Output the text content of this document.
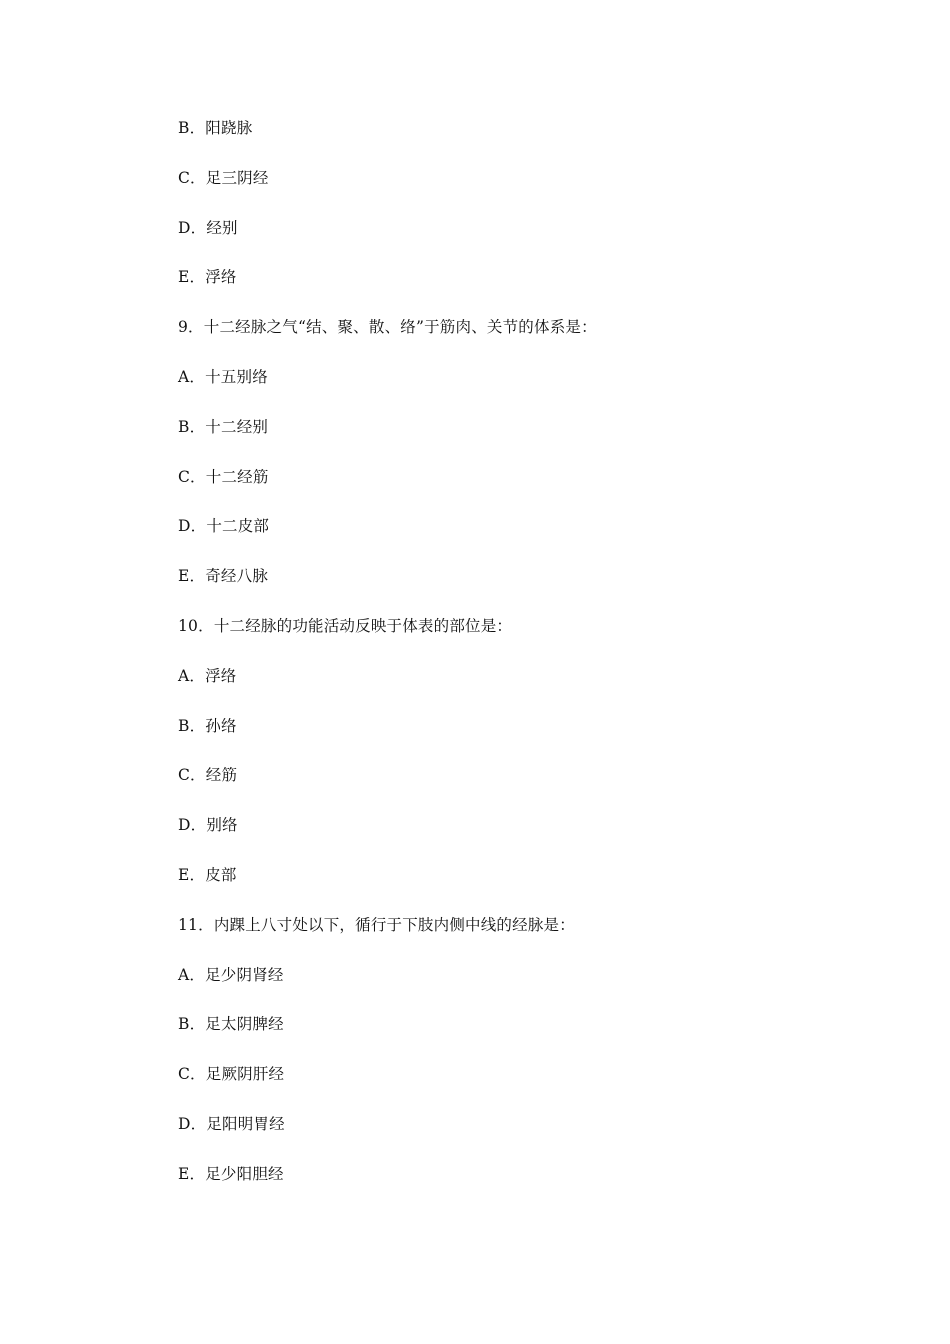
B．阳跷脉
C．足三阴经
D．经别
E．浮络
9．十二经脉之气“结、聚、散、络”于筋肉、关节的体系是：
A．十五别络
B．十二经别
C．十二经筋
D．十二皮部
E．奇经八脉
10．十二经脉的功能活动反映于体表的部位是：
A．浮络
B．孙络
C．经筋
D．别络
E．皮部
11．内踝上八寸处以下，循行于下肢内侧中线的经脉是：
A．足少阴肾经
B．足太阴脾经
C．足厥阴肝经
D．足阳明胃经
E．足少阳胆经
